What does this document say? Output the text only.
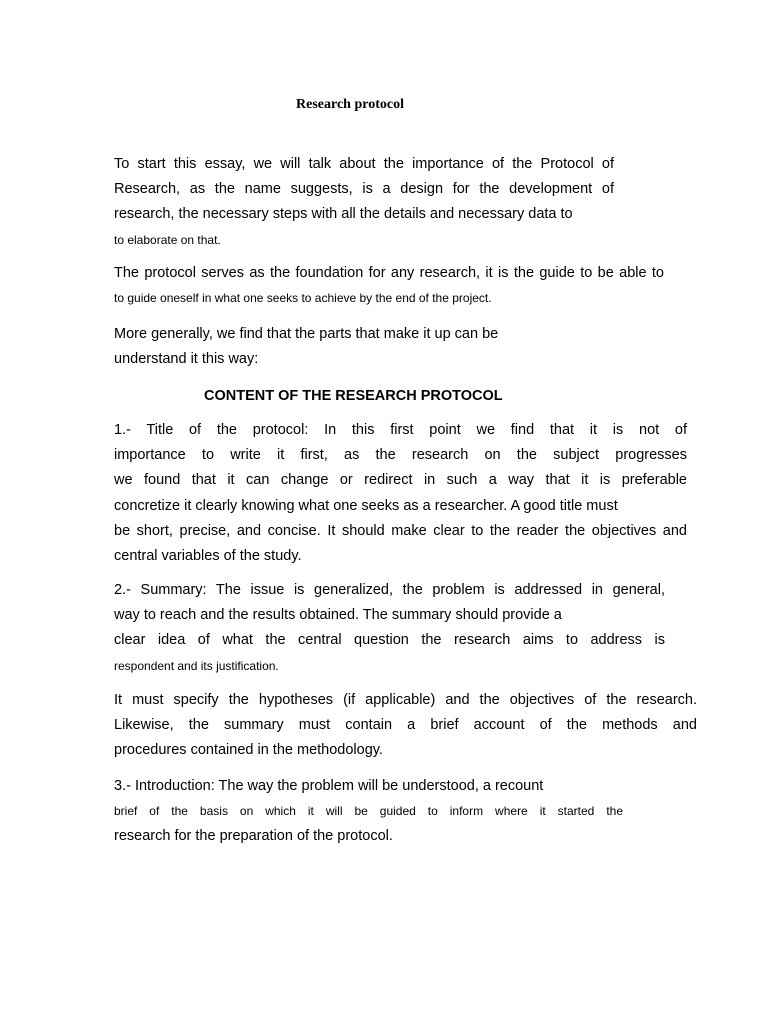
Research protocol
To start this essay, we will talk about the importance of the Protocol of
Research, as the name suggests, is a design for the development of
research, the necessary steps with all the details and necessary data to
to elaborate on that.
The protocol serves as the foundation for any research, it is the guide to be able to
to guide oneself in what one seeks to achieve by the end of the project.
More generally, we find that the parts that make it up can be
understand it this way:
CONTENT OF THE RESEARCH PROTOCOL
1.- Title of the protocol: In this first point we find that it is not of
importance to write it first, as the research on the subject progresses
we found that it can change or redirect in such a way that it is preferable
concretize it clearly knowing what one seeks as a researcher. A good title must
be short, precise, and concise. It should make clear to the reader the objectives and
central variables of the study.
2.- Summary: The issue is generalized, the problem is addressed in general,
way to reach and the results obtained. The summary should provide a
clear idea of what the central question the research aims to address is
respondent and its justification.
It must specify the hypotheses (if applicable) and the objectives of the research.
Likewise, the summary must contain a brief account of the methods and
procedures contained in the methodology.
3.- Introduction: The way the problem will be understood, a recount
brief of the basis on which it will be guided to inform where it started the
research for the preparation of the protocol.
